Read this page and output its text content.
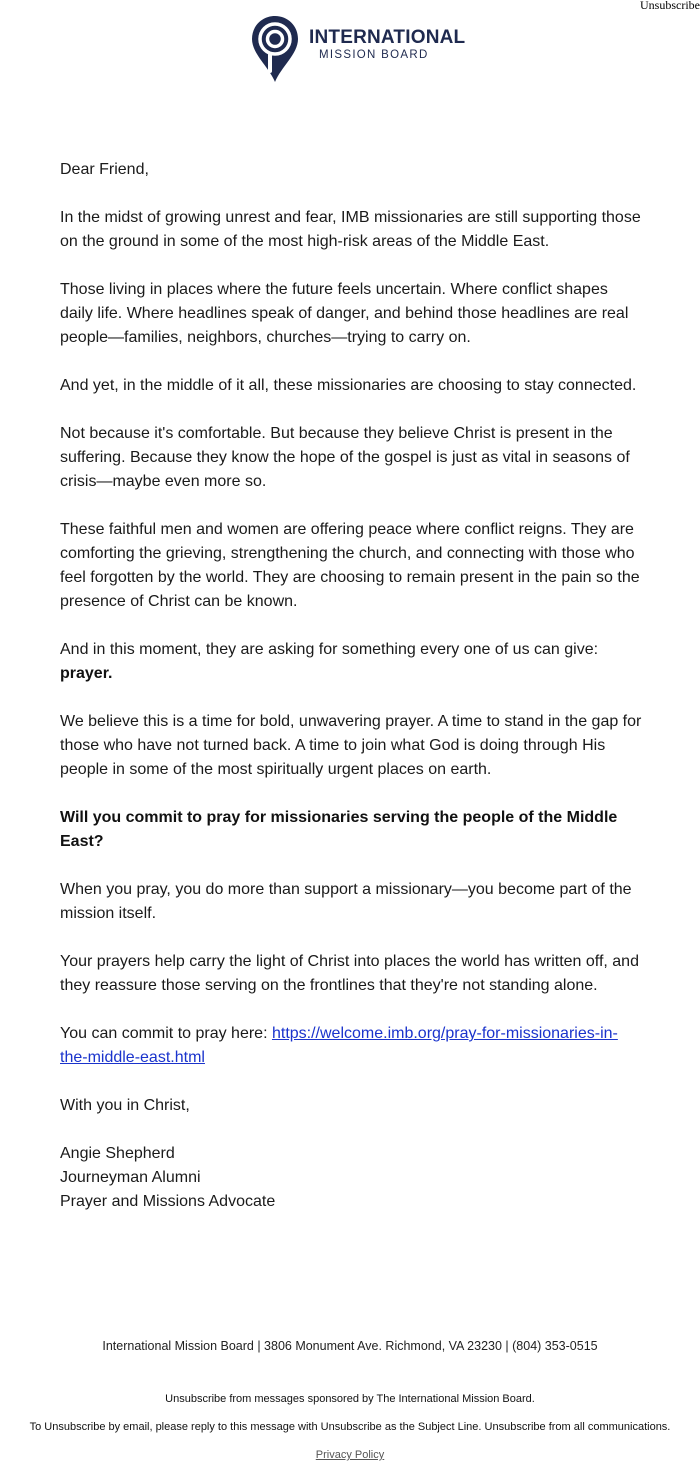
Unsubscribe
INTERNATIONAL
MISSION BOARD

Dear Friend,

In the midst of growing unrest and fear, IMB missionaries are still supporting those on the ground in some of the most high-risk areas of the Middle East.

Those living in places where the future feels uncertain. Where conflict shapes daily life. Where headlines speak of danger, and behind those headlines are real people—families, neighbors, churches—trying to carry on.

And yet, in the middle of it all, these missionaries are choosing to stay connected.

Not because it's comfortable. But because they believe Christ is present in the suffering. Because they know the hope of the gospel is just as vital in seasons of crisis—maybe even more so.

These faithful men and women are offering peace where conflict reigns. They are comforting the grieving, strengthening the church, and connecting with those who feel forgotten by the world. They are choosing to remain present in the pain so the presence of Christ can be known.

And in this moment, they are asking for something every one of us can give:
prayer.

We believe this is a time for bold, unwavering prayer. A time to stand in the gap for those who have not turned back. A time to join what God is doing through His people in some of the most spiritually urgent places on earth.

Will you commit to pray for missionaries serving the people of the Middle East?

When you pray, you do more than support a missionary—you become part of the mission itself.

Your prayers help carry the light of Christ into places the world has written off, and they reassure those serving on the frontlines that they're not standing alone.

You can commit to pray here: https://welcome.imb.org/pray-for-missionaries-in-the-middle-east.html

With you in Christ,

Angie Shepherd

Journeyman Alumni

Prayer and Missions Advocate

International Mission Board | 3806 Monument Ave. Richmond, VA 23230 | (804) 353-0515
Unsubscribe from messages sponsored by The International Mission Board.
To Unsubscribe by email, please reply to this message with Unsubscribe as the Subject Line. Unsubscribe from all communications.
Privacy Policy
